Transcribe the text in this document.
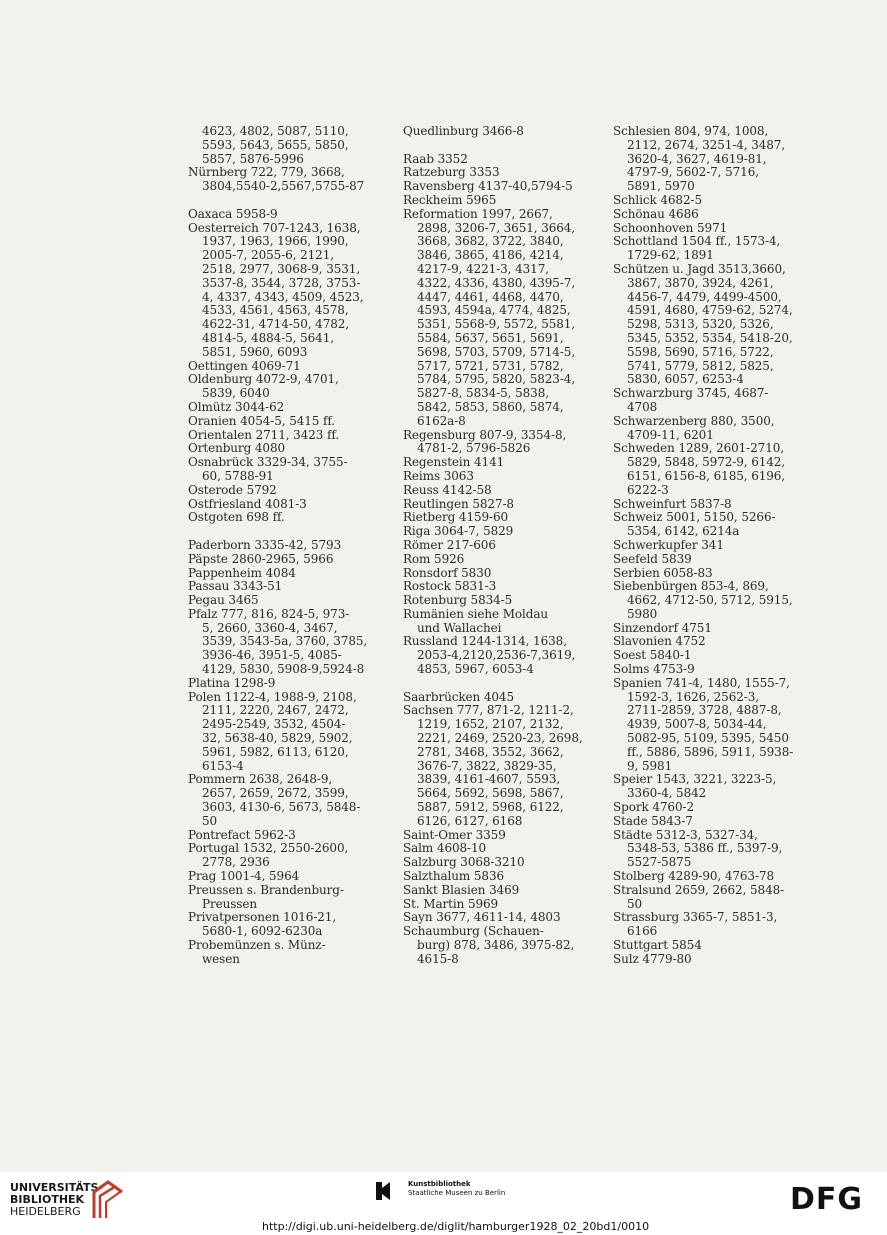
4623, 4802, 5087, 5110,
5593, 5643, 5655, 5850,
5857, 5876-5996
Nürnberg 722, 779, 3668,
3804,5540-2,5567,5755-87
Oaxaca 5958-9
Oesterreich 707-1243, 1638,
1937, 1963, 1966, 1990,
2005-7, 2055-6, 2121,
2518, 2977, 3068-9, 3531,
3537-8, 3544, 3728, 3753-
4, 4337, 4343, 4509, 4523,
4533, 4561, 4563, 4578,
4622-31, 4714-50, 4782,
4814-5, 4884-5, 5641,
5851, 5960, 6093
Oettingen 4069-71
Oldenburg 4072-9, 4701,
5839, 6040
Olmütz 3044-62
Oranien 4054-5, 5415 ff.
Orientalen 2711, 3423 ff.
Ortenburg 4080
Osnabrück 3329-34, 3755-
60, 5788-91
Osterode 5792
Ostfriesland 4081-3
Ostgoten 698 ff.
Paderborn 3335-42, 5793
Päpste 2860-2965, 5966
Pappenheim 4084
Passau 3343-51
Pegau 3465
Pfalz 777, 816, 824-5, 973-
5, 2660, 3360-4, 3467,
3539, 3543-5a, 3760, 3785,
3936-46, 3951-5, 4085-
4129, 5830, 5908-9,5924-8
Platina 1298-9
Polen 1122-4, 1988-9, 2108,
2111, 2220, 2467, 2472,
2495-2549, 3532, 4504-
32, 5638-40, 5829, 5902,
5961, 5982, 6113, 6120,
6153-4
Pommern 2638, 2648-9,
2657, 2659, 2672, 3599,
3603, 4130-6, 5673, 5848-
50
Pontrefact 5962-3
Portugal 1532, 2550-2600,
2778, 2936
Prag 1001-4, 5964
Preussen s. Brandenburg-
Preussen
Privatpersonen 1016-21,
5680-1, 6092-6230a
Probemünzen s. Münz-
wesen
Quedlinburg 3466-8
Raab 3352
Ratzeburg 3353
Ravensberg 4137-40,5794-5
Reckheim 5965
Reformation 1997, 2667,
2898, 3206-7, 3651, 3664,
3668, 3682, 3722, 3840,
3846, 3865, 4186, 4214,
4217-9, 4221-3, 4317,
4322, 4336, 4380, 4395-7,
4447, 4461, 4468, 4470,
4593, 4594a, 4774, 4825,
5351, 5568-9, 5572, 5581,
5584, 5637, 5651, 5691,
5698, 5703, 5709, 5714-5,
5717, 5721, 5731, 5782,
5784, 5795, 5820, 5823-4,
5827-8, 5834-5, 5838,
5842, 5853, 5860, 5874,
6162a-8
Regensburg 807-9, 3354-8,
4781-2, 5796-5826
Regenstein 4141
Reims 3063
Reuss 4142-58
Reutlingen 5827-8
Rietberg 4159-60
Riga 3064-7, 5829
Römer 217-606
Rom 5926
Ronsdorf 5830
Rostock 5831-3
Rotenburg 5834-5
Rumänien siehe Moldau
und Wallachei
Russland 1244-1314, 1638,
2053-4,2120,2536-7,3619,
4853, 5967, 6053-4
Saarbrücken 4045
Sachsen 777, 871-2, 1211-2,
1219, 1652, 2107, 2132,
2221, 2469, 2520-23, 2698,
2781, 3468, 3552, 3662,
3676-7, 3822, 3829-35,
3839, 4161-4607, 5593,
5664, 5692, 5698, 5867,
5887, 5912, 5968, 6122,
6126, 6127, 6168
Saint-Omer 3359
Salm 4608-10
Salzburg 3068-3210
Salzthalum 5836
Sankt Blasien 3469
St. Martin 5969
Sayn 3677, 4611-14, 4803
Schaumburg (Schauen-
burg) 878, 3486, 3975-82,
4615-8
Schlesien 804, 974, 1008,
2112, 2674, 3251-4, 3487,
3620-4, 3627, 4619-81,
4797-9, 5602-7, 5716,
5891, 5970
Schlick 4682-5
Schönau 4686
Schoonhoven 5971
Schottland 1504 ff., 1573-4,
1729-62, 1891
Schützen u. Jagd 3513,3660,
3867, 3870, 3924, 4261,
4456-7, 4479, 4499-4500,
4591, 4680, 4759-62, 5274,
5298, 5313, 5320, 5326,
5345, 5352, 5354, 5418-20,
5598, 5690, 5716, 5722,
5741, 5779, 5812, 5825,
5830, 6057, 6253-4
Schwarzburg 3745, 4687-
4708
Schwarzenberg 880, 3500,
4709-11, 6201
Schweden 1289, 2601-2710,
5829, 5848, 5972-9, 6142,
6151, 6156-8, 6185, 6196,
6222-3
Schweinfurt 5837-8
Schweiz 5001, 5150, 5266-
5354, 6142, 6214a
Schwerkupfer 341
Seefeld 5839
Serbien 6058-83
Siebenbürgen 853-4, 869,
4662, 4712-50, 5712, 5915,
5980
Sinzendorf 4751
Slavonien 4752
Soest 5840-1
Solms 4753-9
Spanien 741-4, 1480, 1555-7,
1592-3, 1626, 2562-3,
2711-2859, 3728, 4887-8,
4939, 5007-8, 5034-44,
5082-95, 5109, 5395, 5450
ff., 5886, 5896, 5911, 5938-
9, 5981
Speier 1543, 3221, 3223-5,
3360-4, 5842
Spork 4760-2
Stade 5843-7
Städte 5312-3, 5327-34,
5348-53, 5386 ff., 5397-9,
5527-5875
Stolberg 4289-90, 4763-78
Stralsund 2659, 2662, 5848-
50
Strassburg 3365-7, 5851-3,
6166
Stuttgart 5854
Sulz 4779-80
UNIVERSITÄTS-
BIBLIOTHEK
HEIDELBERG
Kunstbibliothek
Staatliche Museen zu Berlin	DFG
http://digi.ub.uni-heidelberg.de/diglit/hamburger1928_02_20bd1/0010
